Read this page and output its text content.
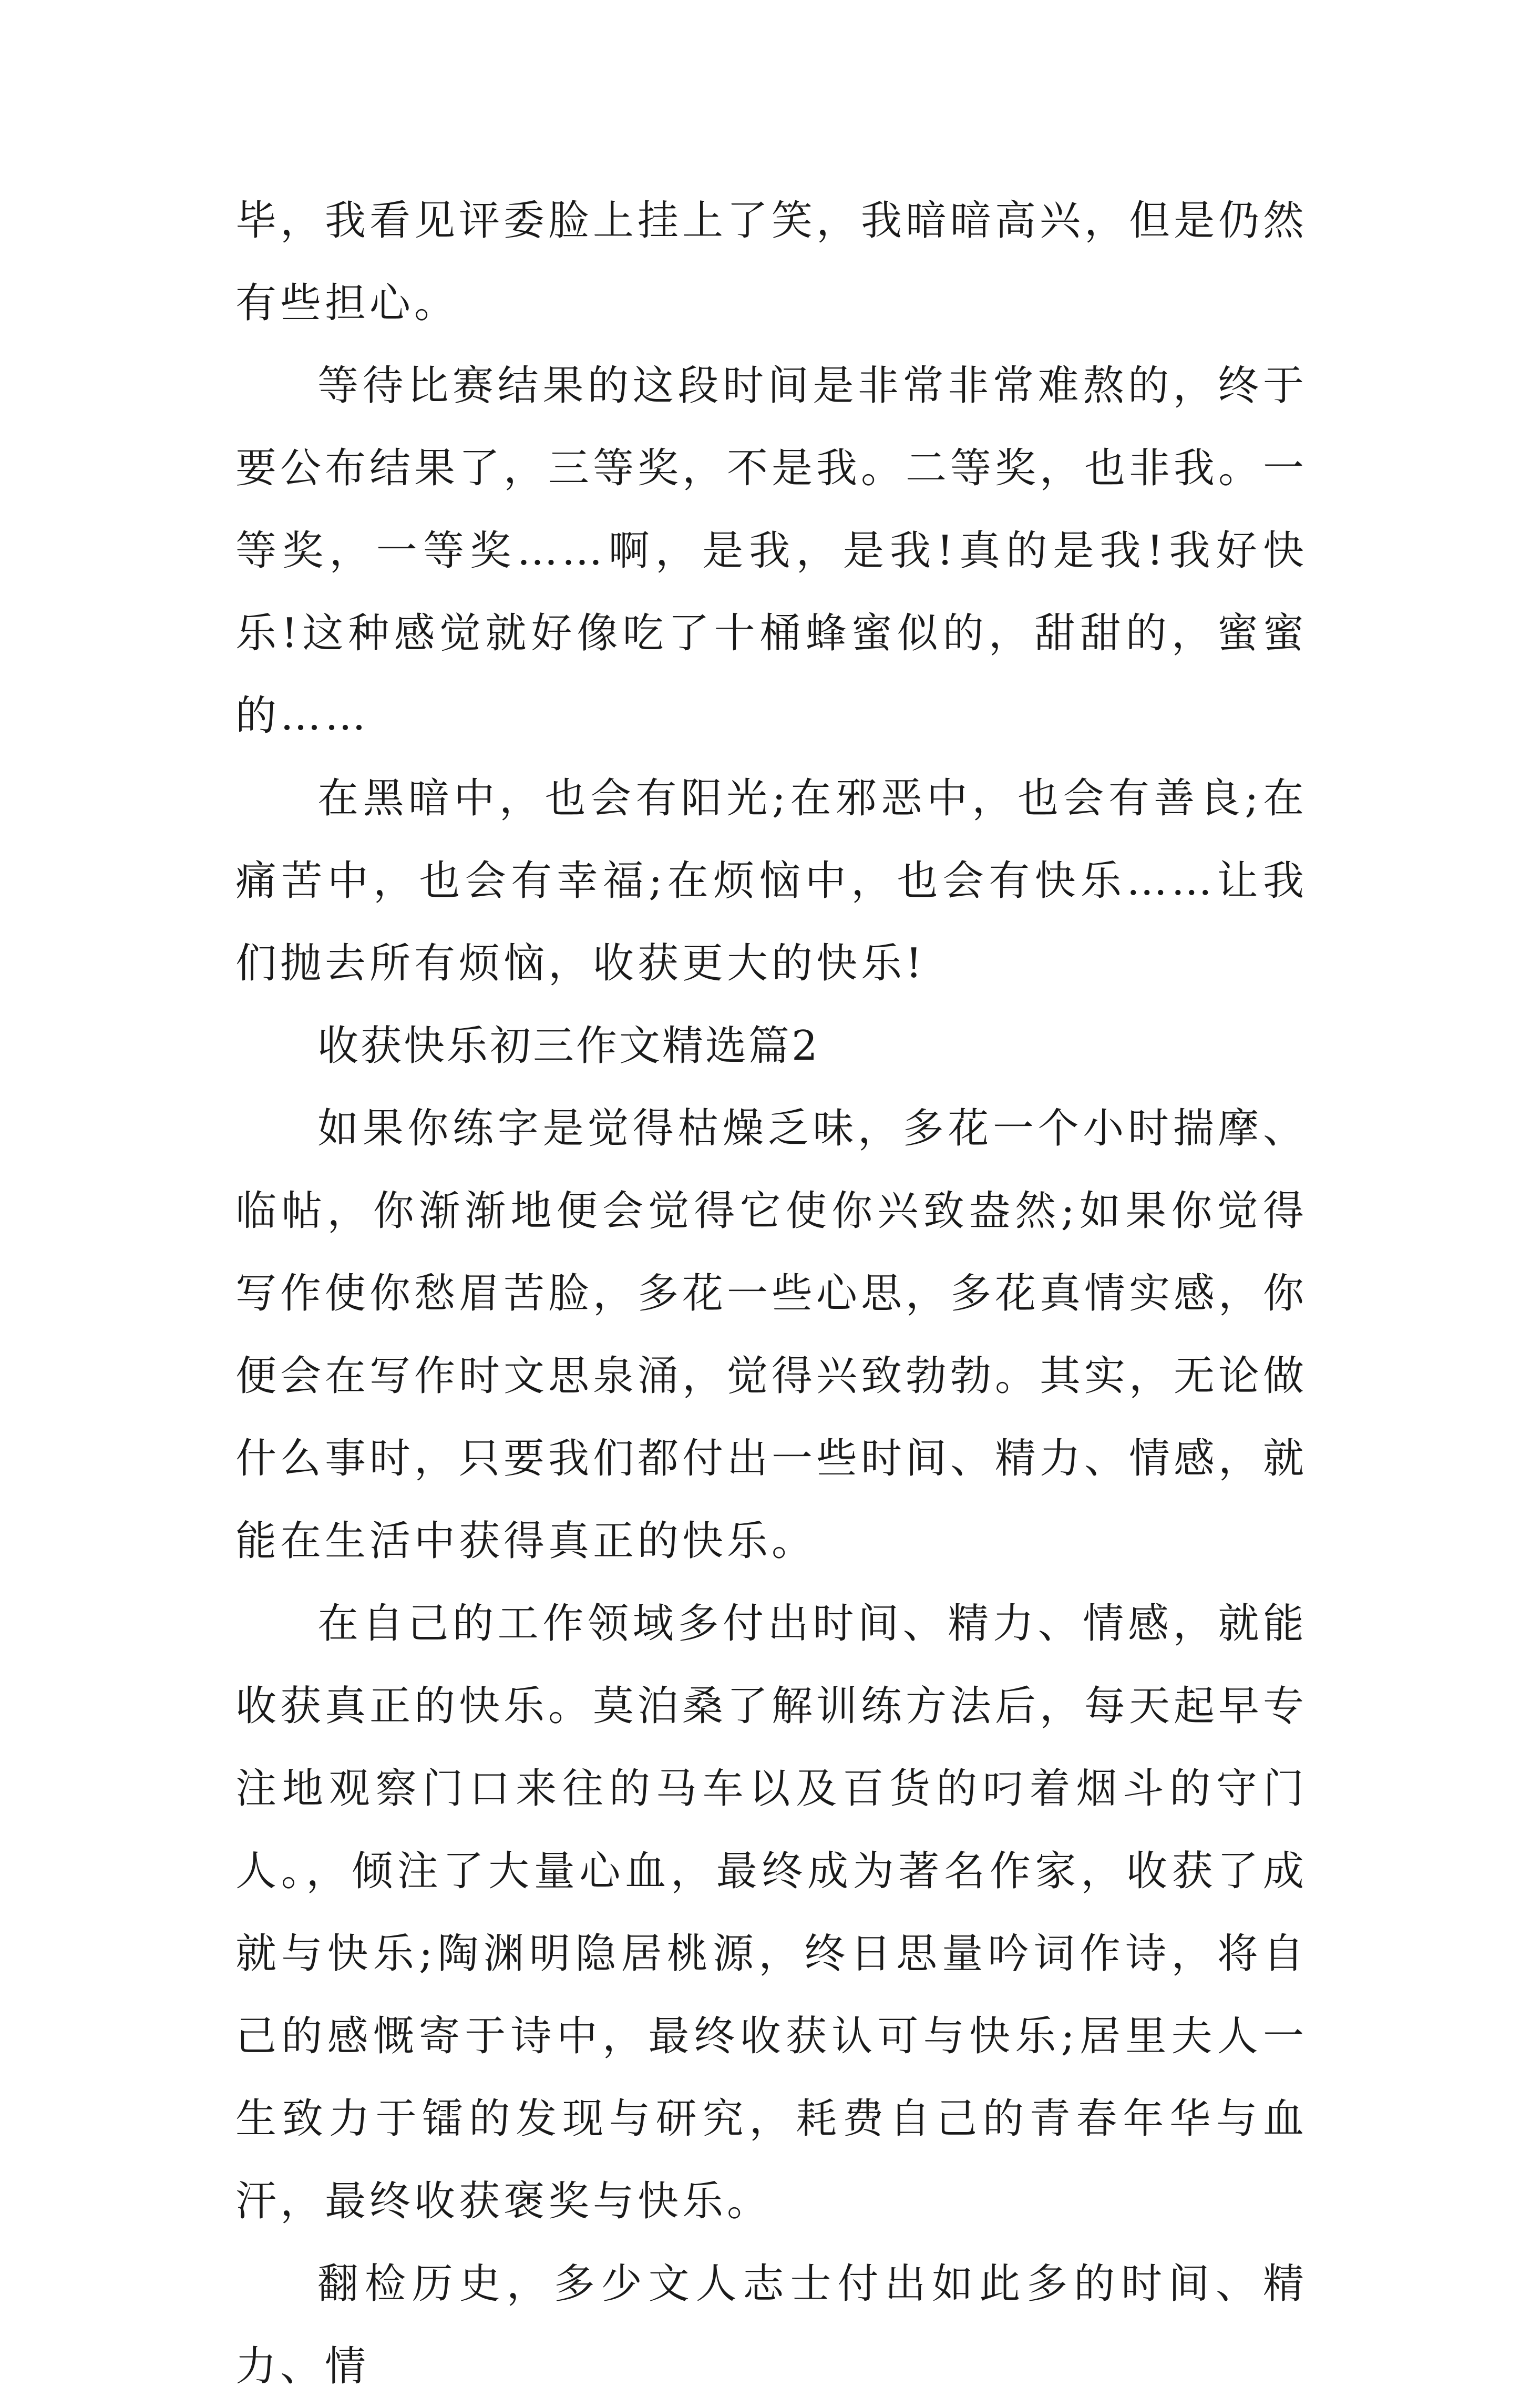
毕，我看见评委脸上挂上了笑，我暗暗高兴，但是仍然有些担心。

等待比赛结果的这段时间是非常非常难熬的，终于要公布结果了，三等奖，不是我。二等奖，也非我。一等奖，一等奖……啊，是我，是我!真的是我!我好快乐!这种感觉就好像吃了十桶蜂蜜似的，甜甜的，蜜蜜的……

在黑暗中，也会有阳光;在邪恶中，也会有善良;在痛苦中，也会有幸福;在烦恼中，也会有快乐……让我们抛去所有烦恼，收获更大的快乐!

收获快乐初三作文精选篇2

如果你练字是觉得枯燥乏味，多花一个小时揣摩、临帖，你渐渐地便会觉得它使你兴致盎然;如果你觉得写作使你愁眉苦脸，多花一些心思，多花真情实感，你便会在写作时文思泉涌，觉得兴致勃勃。其实，无论做什么事时，只要我们都付出一些时间、精力、情感，就能在生活中获得真正的快乐。

在自己的工作领域多付出时间、精力、情感，就能收获真正的快乐。莫泊桑了解训练方法后，每天起早专注地观察门口来往的马车以及百货的叼着烟斗的守门人。，倾注了大量心血，最终成为著名作家，收获了成就与快乐;陶渊明隐居桃源，终日思量吟词作诗，将自己的感慨寄于诗中，最终收获认可与快乐;居里夫人一生致力于镭的发现与研究，耗费自己的青春年华与血汗，最终收获褒奖与快乐。

翻检历史，多少文人志士付出如此多的时间、精力、情
